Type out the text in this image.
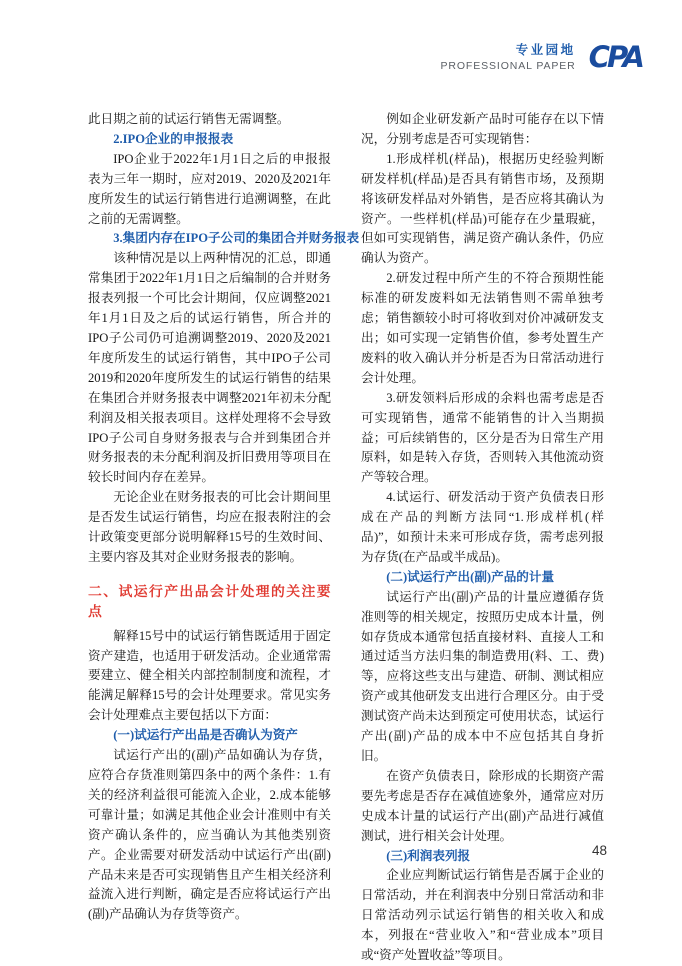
专业园地
PROFESSIONAL PAPER CPA

此日期之前的试运行销售无需调整。

2.IPO企业的申报报表

IPO企业于2022年1月1日之后的申报报表为三年一期时，应对2019、2020及2021年度所发生的试运行销售进行追溯调整，在此之前的无需调整。

3.集团内存在IPO子公司的集团合并财务报表

该种情况是以上两种情况的汇总，即通常集团于2022年1月1日之后编制的合并财务报表列报一个可比会计期间，仅应调整2021年1月1日及之后的试运行销售，所合并的IPO子公司仍可追溯调整2019、2020及2021年度所发生的试运行销售，其中IPO子公司2019和2020年度所发生的试运行销售的结果在集团合并财务报表中调整2021年初未分配利润及相关报表项目。这样处理将不会导致IPO子公司自身财务报表与合并到集团合并财务报表的未分配利润及折旧费用等项目在较长时间内存在差异。

无论企业在财务报表的可比会计期间里是否发生试运行销售，均应在报表附注的会计政策变更部分说明解释15号的生效时间、主要内容及其对企业财务报表的影响。

二、试运行产出品会计处理的关注要点

解释15号中的试运行销售既适用于固定资产建造，也适用于研发活动。企业通常需要建立、健全相关内部控制制度和流程，才能满足解释15号的会计处理要求。常见实务会计处理难点主要包括以下方面：

(一)试运行产出品是否确认为资产

试运行产出的(副)产品如确认为存货，应符合存货准则第四条中的两个条件：1.有关的经济利益很可能流入企业，2.成本能够可靠计量；如满足其他企业会计准则中有关资产确认条件的，应当确认为其他类别资产。企业需要对研发活动中试运行产出(副)产品未来是否可实现销售且产生相关经济利益流入进行判断，确定是否应将试运行产出(副)产品确认为存货等资产。

例如企业研发新产品时可能存在以下情况，分别考虑是否可实现销售：

1.形成样机(样品)，根据历史经验判断研发样机(样品)是否具有销售市场，及预期将该研发样品对外销售，是否应将其确认为资产。一些样机(样品)可能存在少量瑕疵，但如可实现销售，满足资产确认条件，仍应确认为资产。

2.研发过程中所产生的不符合预期性能标准的研发废料如无法销售则不需单独考虑；销售额较小时可将收到对价冲减研发支出；如可实现一定销售价值，参考处置生产废料的收入确认并分析是否为日常活动进行会计处理。

3.研发领料后形成的余料也需考虑是否可实现销售，通常不能销售的计入当期损益；可后续销售的，区分是否为日常生产用原料，如是转入存货，否则转入其他流动资产等较合理。

4.试运行、研发活动于资产负债表日形成在产品的判断方法同“1.形成样机(样品)”，如预计未来可形成存货，需考虑列报为存货(在产品或半成品)。

(二)试运行产出(副)产品的计量

试运行产出(副)产品的计量应遵循存货准则等的相关规定，按照历史成本计量，例如存货成本通常包括直接材料、直接人工和通过适当方法归集的制造费用(料、工、费)等，应将这些支出与建造、研制、测试相应资产或其他研发支出进行合理区分。由于受测试资产尚未达到预定可使用状态，试运行产出(副)产品的成本中不应包括其自身折旧。

在资产负债表日，除形成的长期资产需要先考虑是否存在减值迹象外，通常应对历史成本计量的试运行产出(副)产品进行减值测试，进行相关会计处理。

(三)利润表列报

企业应判断试运行销售是否属于企业的日常活动，并在利润表中分别日常活动和非日常活动列示试运行销售的相关收入和成本，列报在“营业收入”和“营业成本”项目或“资产处置收益”等项目。

48
